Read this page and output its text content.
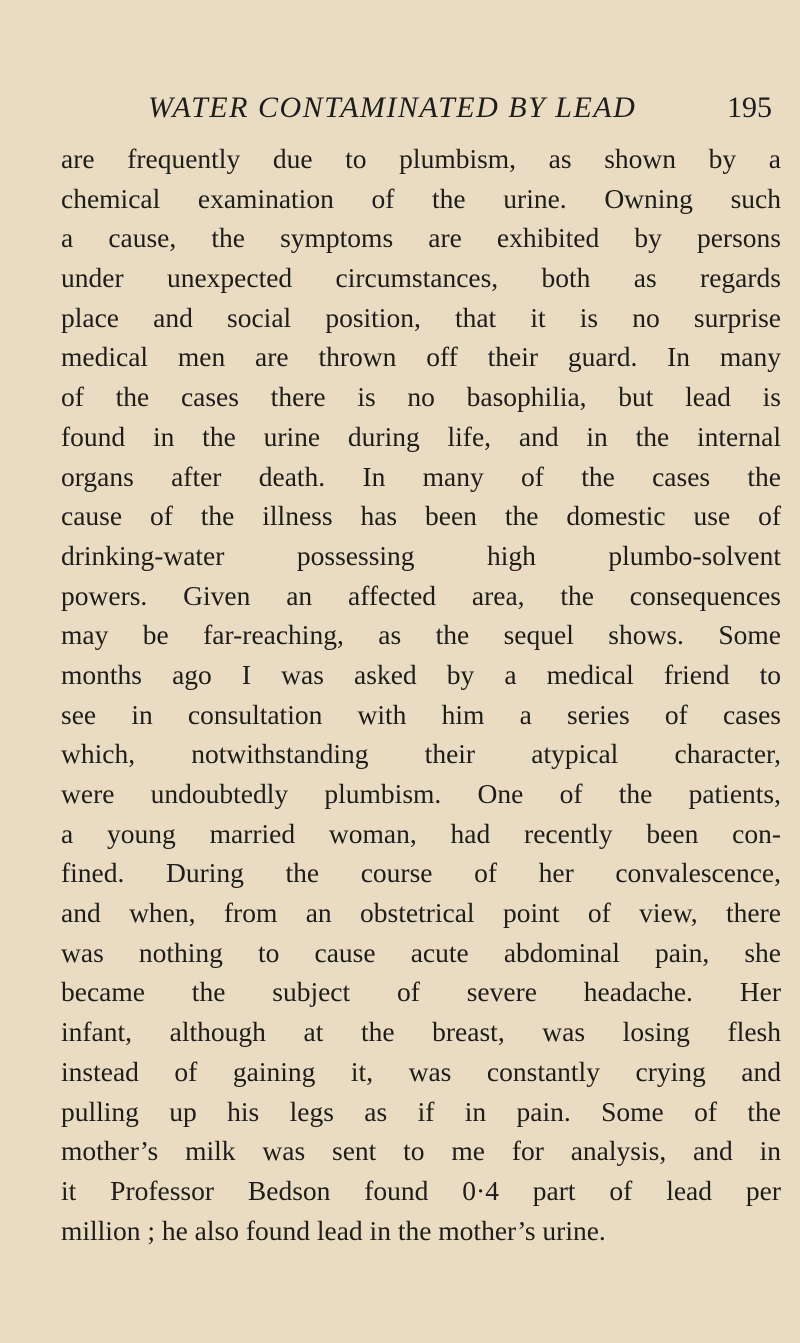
WATER CONTAMINATED BY LEAD	195
are frequently due to plumbism, as shown by a
chemical examination of the urine. Owning such
a cause, the symptoms are exhibited by persons
under unexpected circumstances, both as regards
place and social position, that it is no surprise
medical men are thrown off their guard. In many
of the cases there is no basophilia, but lead is
found in the urine during life, and in the internal
organs after death. In many of the cases the
cause of the illness has been the domestic use of
drinking-water possessing high plumbo-solvent
powers. Given an affected area, the consequences
may be far-reaching, as the sequel shows. Some
months ago I was asked by a medical friend to
see in consultation with him a series of cases
which, notwithstanding their atypical character,
were undoubtedly plumbism. One of the patients,
a young married woman, had recently been con-
fined. During the course of her convalescence,
and when, from an obstetrical point of view, there
was nothing to cause acute abdominal pain, she
became the subject of severe headache. Her
infant, although at the breast, was losing flesh
instead of gaining it, was constantly crying and
pulling up his legs as if in pain. Some of the
mother’s milk was sent to me for analysis, and in
it Professor Bedson found 0·4 part of lead per
million ; he also found lead in the mother’s urine.
